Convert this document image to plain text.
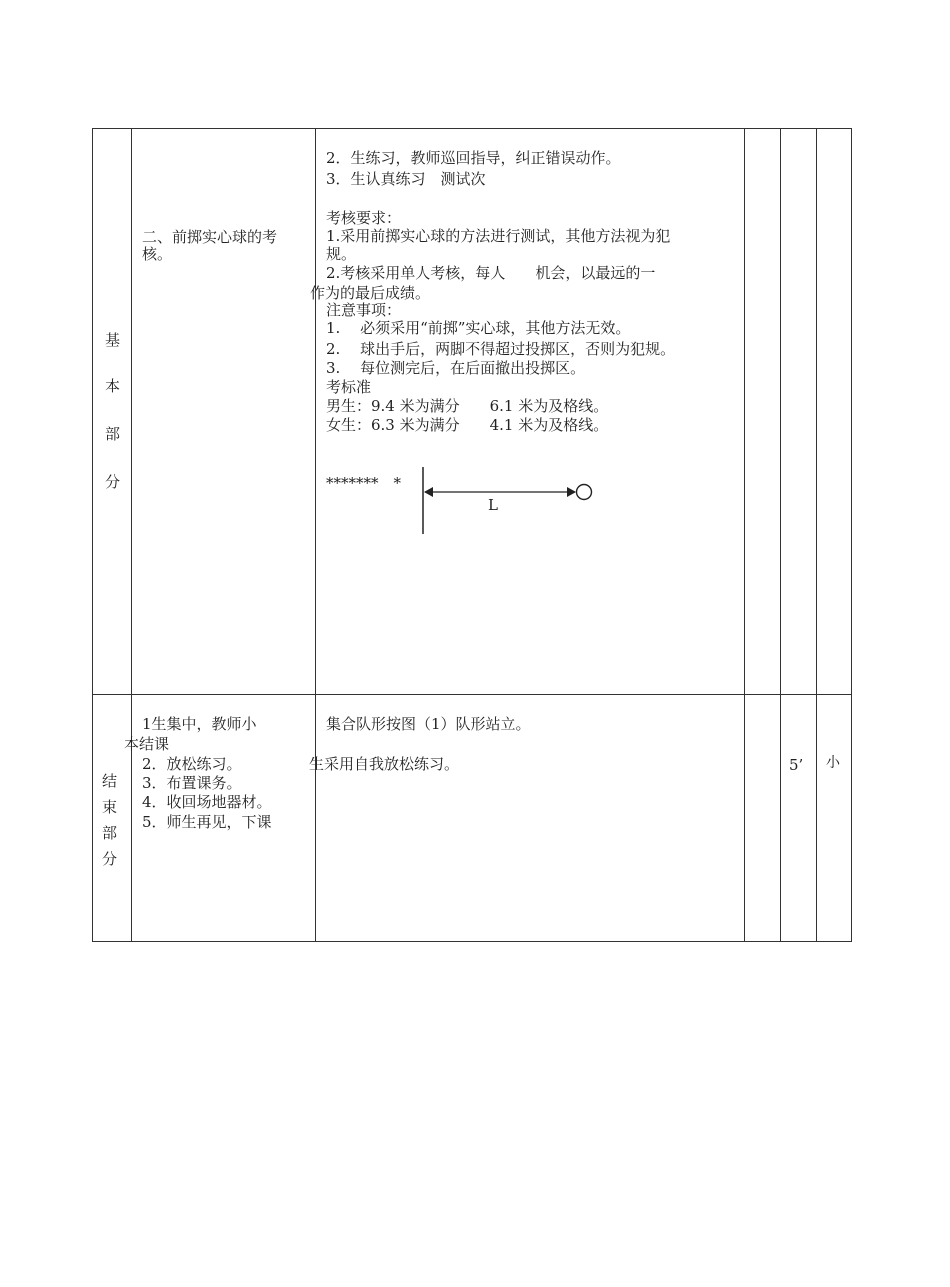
基
本
部
分
二、前掷实心球的考
核。
2．生练习，教师巡回指导，纠正错误动作。
3．生认真练习　测试次
考核要求：
1.采用前掷实心球的方法进行测试，其他方法视为犯
规。
2.考核采用单人考核，每人　　机会，以最远的一
作为的最后成绩。
注意事项：
1.　 必须采用“前掷”实心球，其他方法无效。
2.　 球出手后，两脚不得超过投掷区，否则为犯规。
3.　 每位测完后，在后面撤出投掷区。
考标准
男生：9.4 米为满分　　6.1 米为及格线。
女生：6.3 米为满分　　4.1 米为及格线。
*******　*
L
结
束
部
分
1生集中，教师小
本结课
2．放松练习。
3．布置课务。
4．收回场地器材。
5．师生再见，下课
集合队形按图（1）队形站立。
生采用自我放松练习。	5’ 小
